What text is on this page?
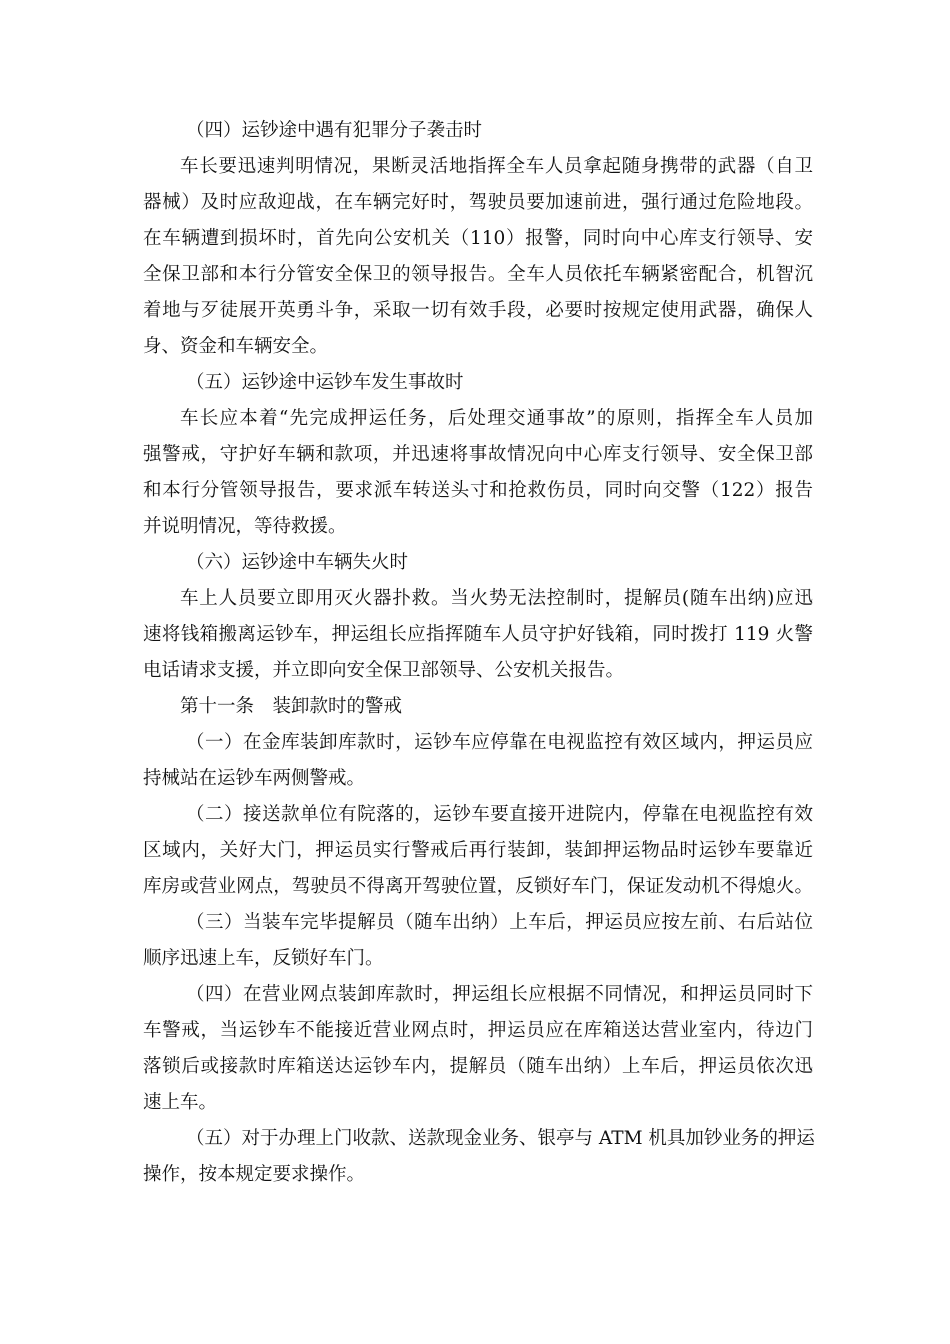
（四）运钞途中遇有犯罪分子袭击时
车长要迅速判明情况，果断灵活地指挥全车人员拿起随身携带的武器（自卫
器械）及时应敌迎战，在车辆完好时，驾驶员要加速前进，强行通过危险地段。
在车辆遭到损坏时，首先向公安机关（110）报警，同时向中心库支行领导、安
全保卫部和本行分管安全保卫的领导报告。全车人员依托车辆紧密配合，机智沉
着地与歹徒展开英勇斗争，采取一切有效手段，必要时按规定使用武器，确保人
身、资金和车辆安全。
（五）运钞途中运钞车发生事故时
车长应本着“先完成押运任务，后处理交通事故”的原则，指挥全车人员加
强警戒，守护好车辆和款项，并迅速将事故情况向中心库支行领导、安全保卫部
和本行分管领导报告，要求派车转送头寸和抢救伤员，同时向交警（122）报告
并说明情况，等待救援。
（六）运钞途中车辆失火时
车上人员要立即用灭火器扑救。当火势无法控制时，提解员(随车出纳)应迅
速将钱箱搬离运钞车，押运组长应指挥随车人员守护好钱箱，同时拨打 119 火警
电话请求支援，并立即向安全保卫部领导、公安机关报告。
第十一条　装卸款时的警戒
（一）在金库装卸库款时，运钞车应停靠在电视监控有效区域内，押运员应
持械站在运钞车两侧警戒。
（二）接送款单位有院落的，运钞车要直接开进院内，停靠在电视监控有效
区域内，关好大门，押运员实行警戒后再行装卸，装卸押运物品时运钞车要靠近
库房或营业网点，驾驶员不得离开驾驶位置，反锁好车门，保证发动机不得熄火。
（三）当装车完毕提解员（随车出纳）上车后，押运员应按左前、右后站位
顺序迅速上车，反锁好车门。
（四）在营业网点装卸库款时，押运组长应根据不同情况，和押运员同时下
车警戒，当运钞车不能接近营业网点时，押运员应在库箱送达营业室内，待边门
落锁后或接款时库箱送达运钞车内，提解员（随车出纳）上车后，押运员依次迅
速上车。
（五）对于办理上门收款、送款现金业务、银亭与 ATM 机具加钞业务的押运
操作，按本规定要求操作。
